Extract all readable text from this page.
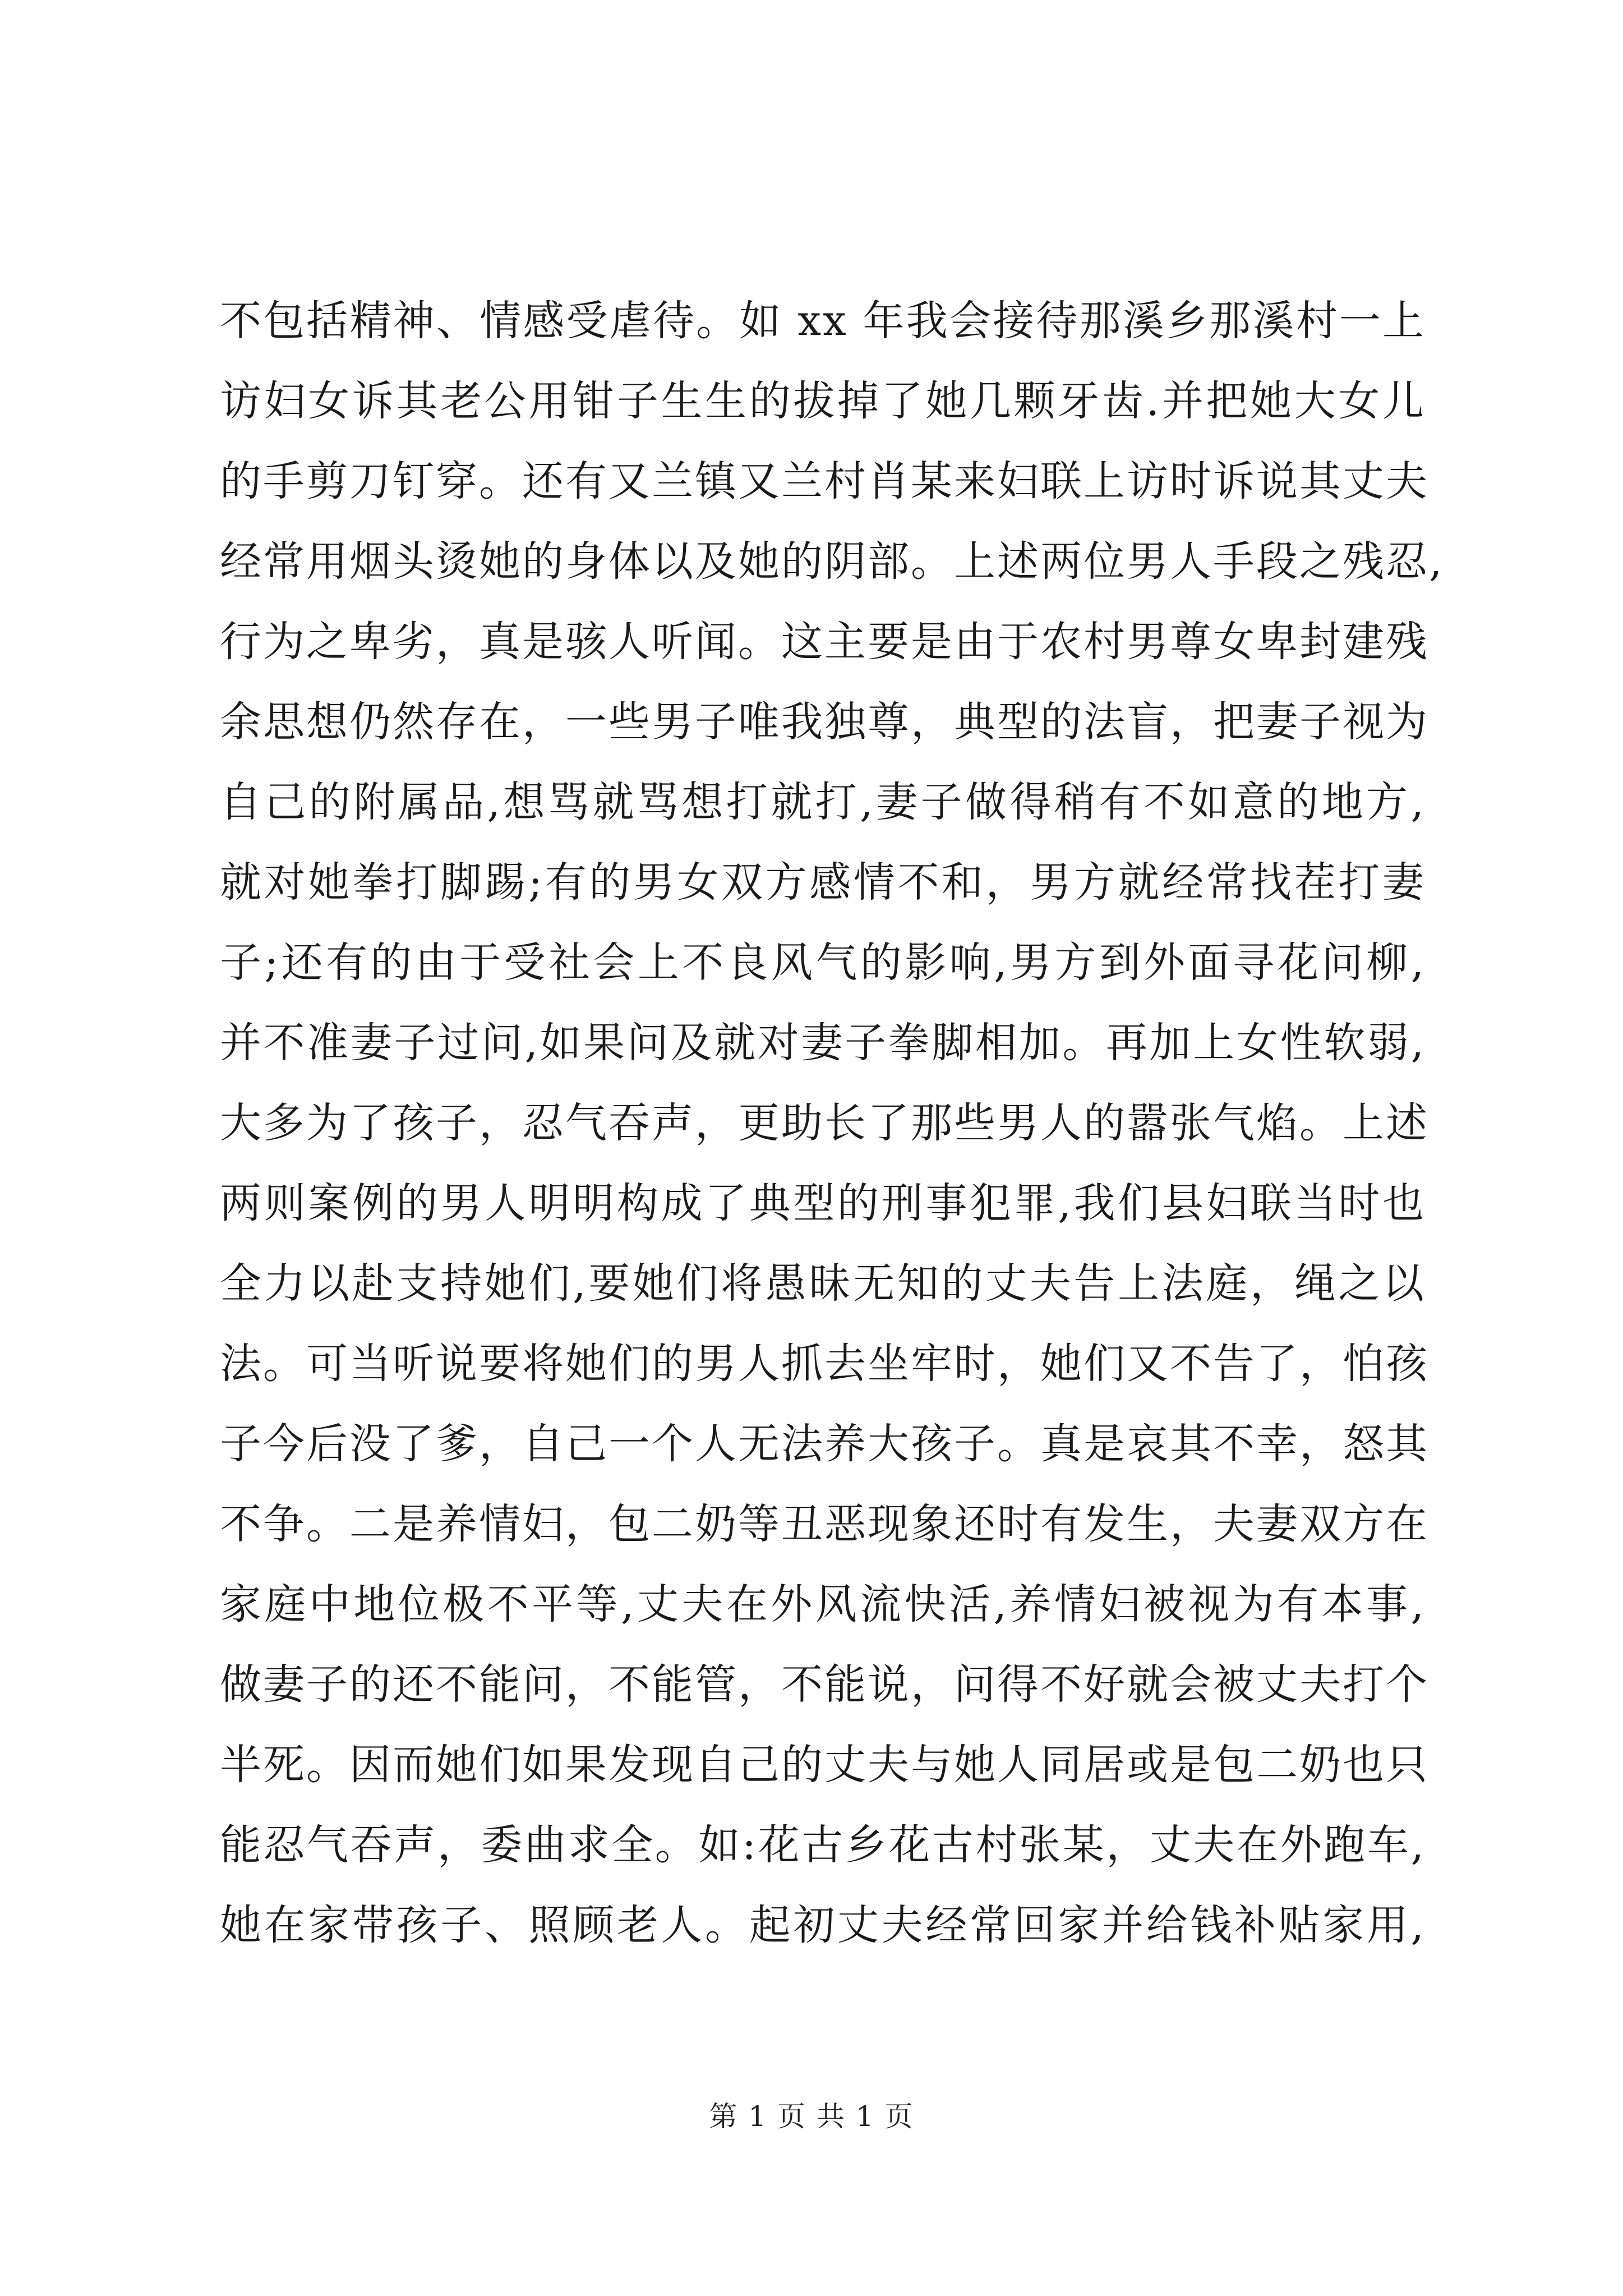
不包括精神、情感受虐待。如 xx 年我会接待那溪乡那溪村一上
访妇女诉其老公用钳子生生的拔掉了她几颗牙齿.并把她大女儿
的手剪刀钉穿。还有又兰镇又兰村肖某来妇联上访时诉说其丈夫
经常用烟头烫她的身体以及她的阴部。上述两位男人手段之残忍,
行为之卑劣，真是骇人听闻。这主要是由于农村男尊女卑封建残
余思想仍然存在，一些男子唯我独尊，典型的法盲，把妻子视为
自己的附属品,想骂就骂想打就打,妻子做得稍有不如意的地方,
就对她拳打脚踢;有的男女双方感情不和，男方就经常找茬打妻
子;还有的由于受社会上不良风气的影响,男方到外面寻花问柳,
并不准妻子过问,如果问及就对妻子拳脚相加。再加上女性软弱,
大多为了孩子，忍气吞声，更助长了那些男人的嚣张气焰。上述
两则案例的男人明明构成了典型的刑事犯罪,我们县妇联当时也
全力以赴支持她们,要她们将愚昧无知的丈夫告上法庭，绳之以
法。可当听说要将她们的男人抓去坐牢时，她们又不告了，怕孩
子今后没了爹，自己一个人无法养大孩子。真是哀其不幸，怒其
不争。二是养情妇，包二奶等丑恶现象还时有发生，夫妻双方在
家庭中地位极不平等,丈夫在外风流快活,养情妇被视为有本事,
做妻子的还不能问，不能管，不能说，问得不好就会被丈夫打个
半死。因而她们如果发现自己的丈夫与她人同居或是包二奶也只
能忍气吞声，委曲求全。如:花古乡花古村张某，丈夫在外跑车,
她在家带孩子、照顾老人。起初丈夫经常回家并给钱补贴家用,
第 1 页 共 1 页
